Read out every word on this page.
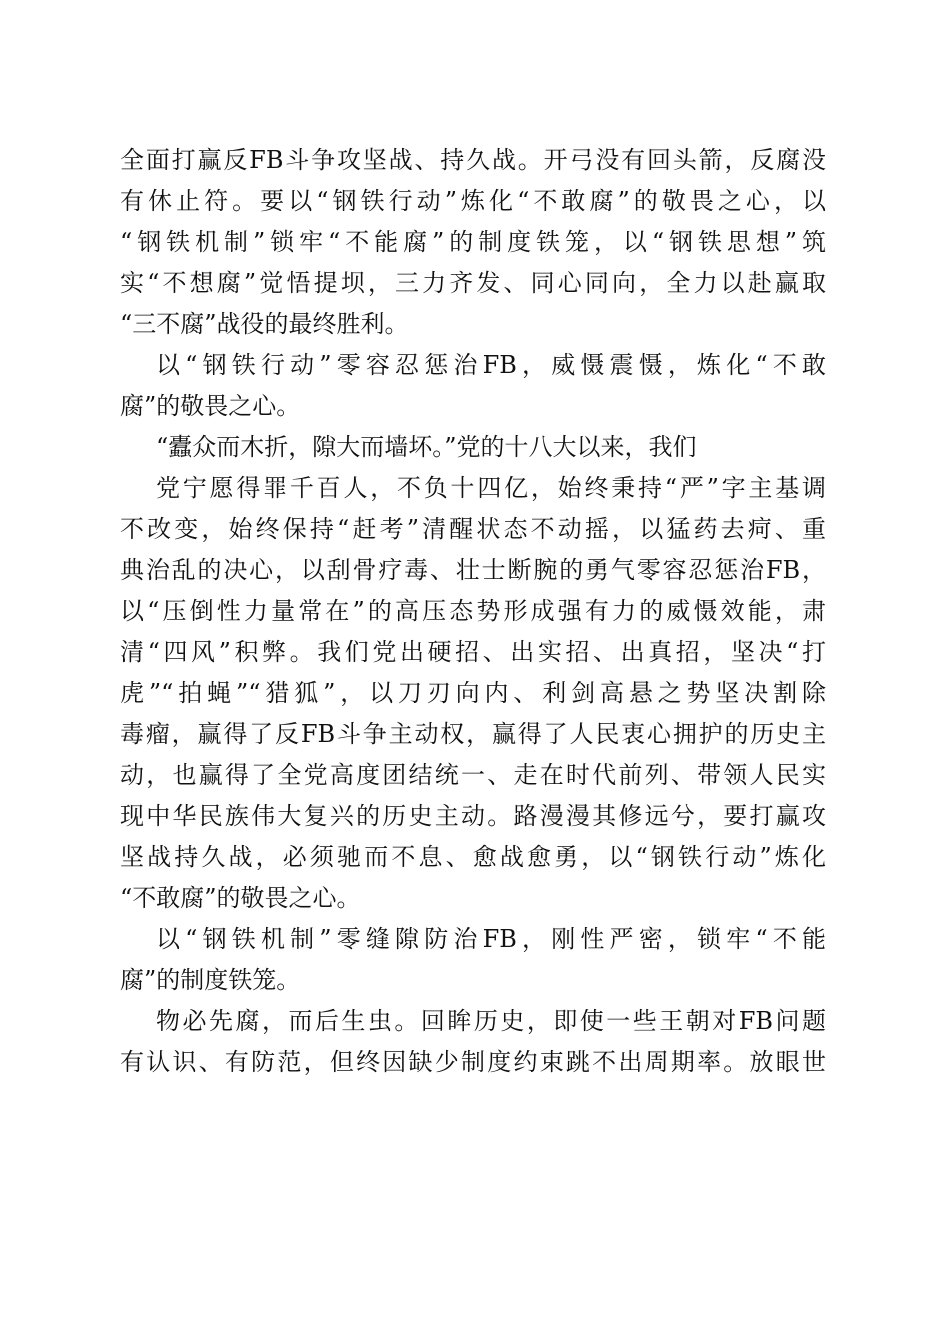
全面打赢反FB斗争攻坚战、持久战。开弓没有回头箭，反腐没
有休止符。要以“钢铁行动”炼化“不敢腐”的敬畏之心，以
“钢铁机制”锁牢“不能腐”的制度铁笼，以“钢铁思想”筑
实“不想腐”觉悟提坝，三力齐发、同心同向，全力以赴赢取
“三不腐”战役的最终胜利。
以“钢铁行动”零容忍惩治FB，威慑震慑，炼化“不敢
腐”的敬畏之心。
“蠹众而木折，隙大而墙坏。”党的十八大以来，我们
党宁愿得罪千百人，不负十四亿，始终秉持“严”字主基调
不改变，始终保持“赶考”清醒状态不动摇，以猛药去疴、重
典治乱的决心，以刮骨疗毒、壮士断腕的勇气零容忍惩治FB，
以“压倒性力量常在”的高压态势形成强有力的威慑效能，肃
清“四风”积弊。我们党出硬招、出实招、出真招，坚决“打
虎”“拍蝇”“猎狐”，以刀刃向内、利剑高悬之势坚决割除
毒瘤，赢得了反FB斗争主动权，赢得了人民衷心拥护的历史主
动，也赢得了全党高度团结统一、走在时代前列、带领人民实
现中华民族伟大复兴的历史主动。路漫漫其修远兮，要打赢攻
坚战持久战，必须驰而不息、愈战愈勇，以“钢铁行动”炼化
“不敢腐”的敬畏之心。
以“钢铁机制”零缝隙防治FB，刚性严密，锁牢“不能
腐”的制度铁笼。
物必先腐，而后生虫。回眸历史，即使一些王朝对FB问题
有认识、有防范，但终因缺少制度约束跳不出周期率。放眼世
